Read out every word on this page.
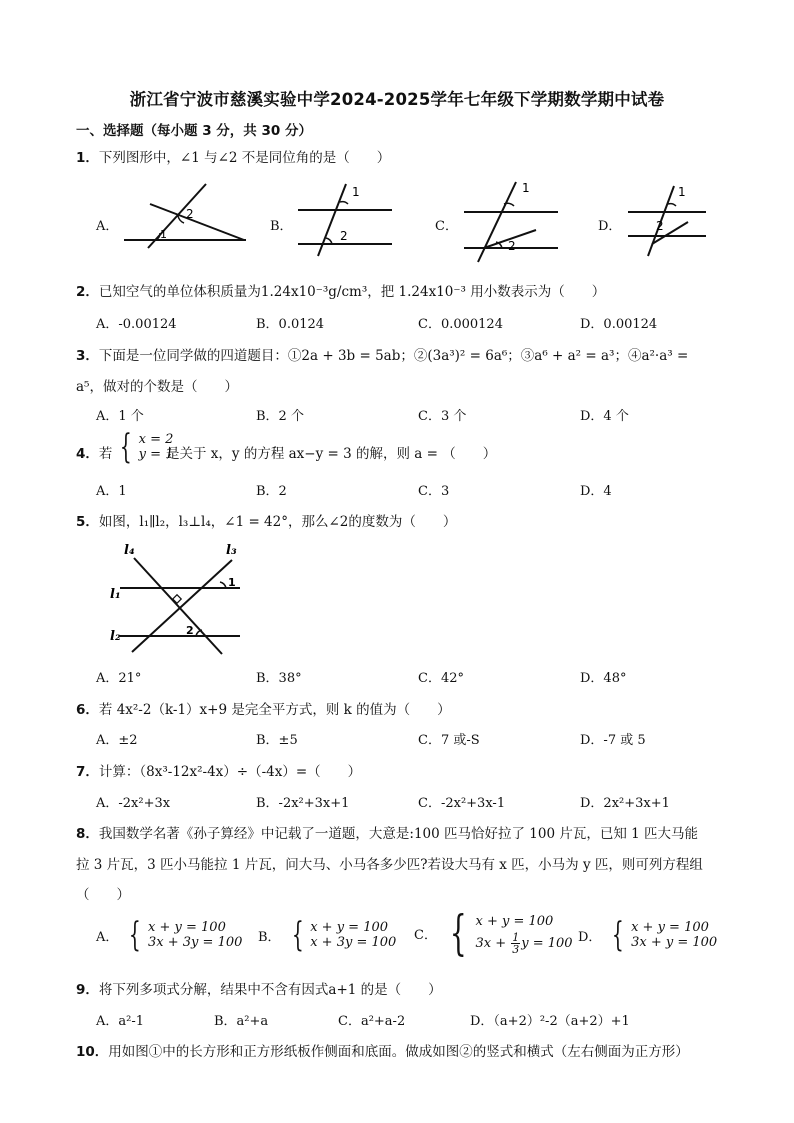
浙江省宁波市慈溪实验中学2024-2025学年七年级下学期数学期中试卷
一、选择题（每小题 3 分，共 30 分）
1．下列图形中，∠1 与∠2 不是同位角的是（　　）
A．	B．	C．	D．
2
1
1
2
1
2
1
2
2．已知空气的单位体积质量为1.24x10⁻³g/cm³，把 1.24x10⁻³ 用小数表示为（　　）
A．-0.00124	B．0.0124	C．0.000124	D．0.00124
3．下面是一位同学做的四道题目：①2a + 3b = 5ab；②(3a³)² = 6a⁶；③a⁶ + a² = a³；④a²·a³ =
a⁵，做对的个数是（　　）
A．1 个	B．2 个	C．3 个	D．4 个
4．若 { x = 2
y = 1
是关于 x，y 的方程 ax−y = 3 的解，则 a = （　　）
A．1	B．2	C．3	D．4
5．如图，l₁∥l₂，l₃⊥l₄，∠1 = 42°，那么∠2的度数为（　　）
l₄	l₃
l₁
l₂
1
2
A．21°	B．38°	C．42°	D．48°
6．若 4x²-2（k-1）x+9 是完全平方式，则 k 的值为（　　）
A．±2	B．±5	C．7 或-S	D．-7 或 5
7．计算：（8x³-12x²-4x）÷（-4x）=（　　）
A．-2x²+3x	B．-2x²+3x+1	C．-2x²+3x-1	D．2x²+3x+1
8．我国数学名著《孙子算经》中记载了一道题，大意是:100 匹马恰好拉了 100 片瓦，已知 1 匹大马能
拉 3 片瓦，3 匹小马能拉 1 片瓦，问大马、小马各多少匹?若设大马有 x 匹，小马为 y 匹，则可列方程组
（　　）
A． { x + y = 100
3x + 3y = 100 B． { x + y = 100
x + 3y = 100 C． { x + y = 100
$3x + \frac{1}{3}$ y = 100 D． { x + y = 100
3x + y = 100
9．将下列多项式分解，结果中不含有因式a+1 的是（　　）
A．a²-1	B．a²+a	C．a²+a-2	D．（a+2）²-2（a+2）+1
10．用如图①中的长方形和正方形纸板作侧面和底面。做成如图②的竖式和横式（左右侧面为正方形）
